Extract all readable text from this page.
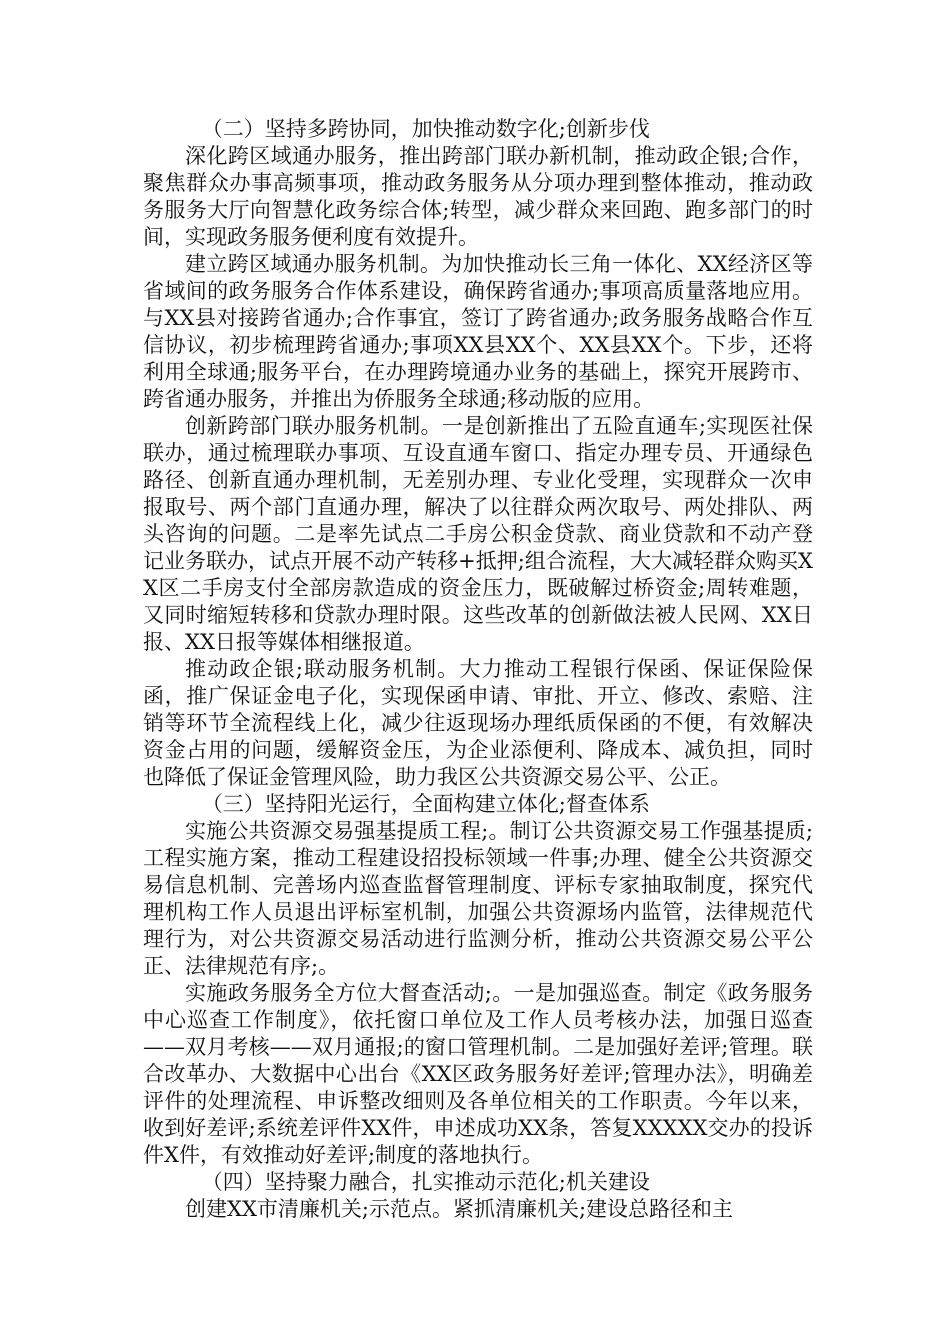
（二）坚持多跨协同，加快推动数字化;创新步伐

深化跨区域通办服务，推出跨部门联办新机制，推动政企银;合作，聚焦群众办事高频事项，推动政务服务从分项办理到整体推动，推动政务服务大厅向智慧化政务综合体;转型，减少群众来回跑、跑多部门的时间，实现政务服务便利度有效提升。

建立跨区域通办服务机制。为加快推动长三角一体化、XX经济区等省域间的政务服务合作体系建设，确保跨省通办;事项高质量落地应用。与XX县对接跨省通办;合作事宜，签订了跨省通办;政务服务战略合作互信协议，初步梳理跨省通办;事项XX县XX个、XX县XX个。下步，还将利用全球通;服务平台，在办理跨境通办业务的基础上，探究开展跨市、跨省通办服务，并推出为侨服务全球通;移动版的应用。

创新跨部门联办服务机制。一是创新推出了五险直通车;实现医社保联办，通过梳理联办事项、互设直通车窗口、指定办理专员、开通绿色路径、创新直通办理机制，无差别办理、专业化受理，实现群众一次申报取号、两个部门直通办理，解决了以往群众两次取号、两处排队、两头咨询的问题。二是率先试点二手房公积金贷款、商业贷款和不动产登记业务联办，试点开展不动产转移+抵押;组合流程，大大减轻群众购买XX区二手房支付全部房款造成的资金压力，既破解过桥资金;周转难题，又同时缩短转移和贷款办理时限。这些改革的创新做法被人民网、XX日报、XX日报等媒体相继报道。

推动政企银;联动服务机制。大力推动工程银行保函、保证保险保函，推广保证金电子化，实现保函申请、审批、开立、修改、索赔、注销等环节全流程线上化，减少往返现场办理纸质保函的不便，有效解决资金占用的问题，缓解资金压，为企业添便利、降成本、减负担，同时也降低了保证金管理风险，助力我区公共资源交易公平、公正。

（三）坚持阳光运行，全面构建立体化;督查体系

实施公共资源交易强基提质工程;。制订公共资源交易工作强基提质;工程实施方案，推动工程建设招投标领域一件事;办理、健全公共资源交易信息机制、完善场内巡查监督管理制度、评标专家抽取制度，探究代理机构工作人员退出评标室机制，加强公共资源场内监管，法律规范代理行为，对公共资源交易活动进行监测分析，推动公共资源交易公平公正、法律规范有序;。

实施政务服务全方位大督查活动;。一是加强巡查。制定《政务服务中心巡查工作制度》，依托窗口单位及工作人员考核办法，加强日巡查——双月考核——双月通报;的窗口管理机制。二是加强好差评;管理。联合改革办、大数据中心出台《XX区政务服务好差评;管理办法》，明确差评件的处理流程、申诉整改细则及各单位相关的工作职责。今年以来，收到好差评;系统差评件XX件，申述成功XX条，答复XXXXX交办的投诉件X件，有效推动好差评;制度的落地执行。

（四）坚持聚力融合，扎实推动示范化;机关建设

创建XX市清廉机关;示范点。紧抓清廉机关;建设总路径和主
